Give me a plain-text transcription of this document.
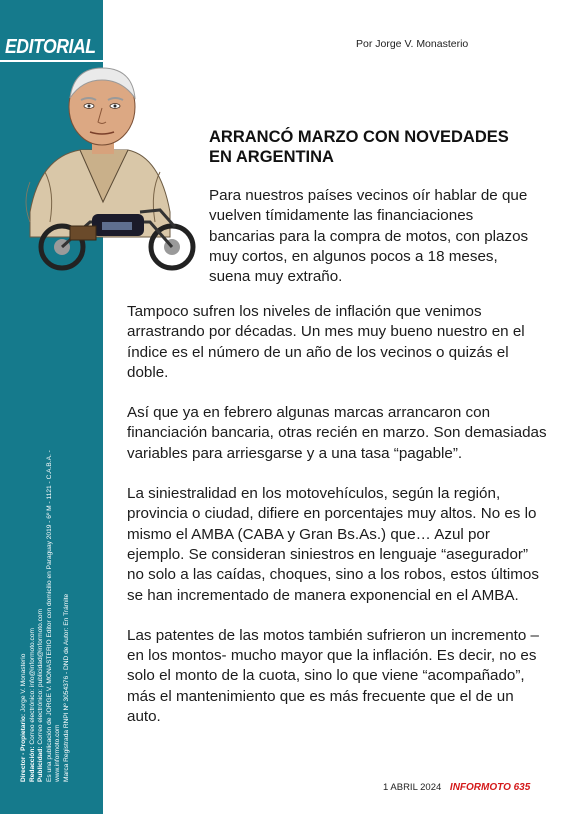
EDITORIAL
Director - Propietario: Jorge V. Monasterio
Redacción: Correo electrónico: info@informoto.com
Publicidad: Correo electrónico: publicidad@informoto.com Es una publicación de JORGE V. MONASTERIO Editor con domicilio en Paraguay 2019 - 6º M - 1121 - C.A.B.A. - www.informoto.com Marca Registrada RNPI Nº 3054376 - DND de Autor: En Trámite
Por Jorge V. Monasterio
ARRANCÓ MARZO CON NOVEDADES
EN ARGENTINA
Para nuestros países vecinos oír hablar de que vuelven tímidamente las financiaciones bancarias para la compra de motos, con plazos muy cortos, en algunos pocos a 18 meses, suena muy extraño.

Tampoco sufren los niveles de inflación que venimos arrastrando por décadas. Un mes muy bueno nuestro en el índice es el número de un año de los vecinos o quizás el doble.

Así que ya en febrero algunas marcas arrancaron con financiación bancaria, otras recién en marzo. Son demasiadas variables para arriesgarse y a una tasa “pagable”.

La siniestralidad en los motovehículos, según la región, provincia o ciudad, difiere en porcentajes muy altos. No es lo mismo el AMBA (CABA y Gran Bs.As.) que… Azul por ejemplo. Se consideran siniestros en lenguaje “asegurador” no solo a las caídas, choques, sino a los robos, estos últimos se han incrementado de manera exponencial en el AMBA.

Las patentes de las motos también sufrieron un incremento –en los montos- mucho mayor que la inflación. Es decir, no es solo el monto de la cuota, sino lo que viene “acompañado”, más el mantenimiento que es más frecuente que el de un auto.

1 ABRIL 2024 INFORMOTO 635
